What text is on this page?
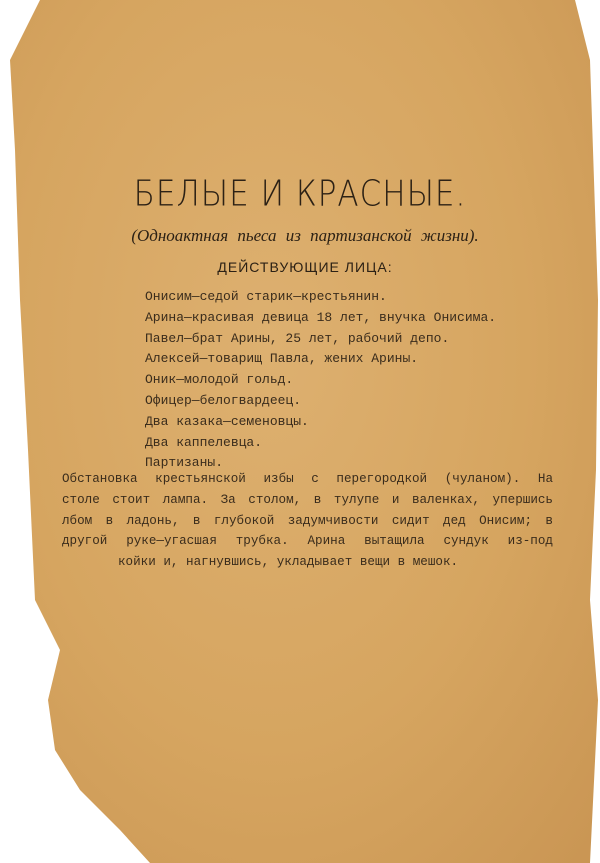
БЕЛЫЕ И КРАСНЫЕ.
(Одноактная пьеса из партизанской жизни).
ДЕЙСТВУЮЩИЕ ЛИЦА:
Онисим—седой старик—крестьянин.
Арина—красивая девица 18 лет, внучка Онисима.
Павел—брат Арины, 25 лет, рабочий депо.
Алексей—товарищ Павла, жених Арины.
Оник—молодой гольд.
Офицер—белогвардеец.
Два казака—семеновцы.
Два каппелевца.
Партизаны.
Обстановка крестьянской избы с перегородкой (чуланом). На
столе стоит лампа. За столом, в тулупе и валенках, упершись
лбом в ладонь, в глубокой задумчивости сидит дед Онисим; в
другой руке—угасшая трубка. Арина вытащила сундук из-под
койки и, нагнувшись, укладывает вещи в мешок.
